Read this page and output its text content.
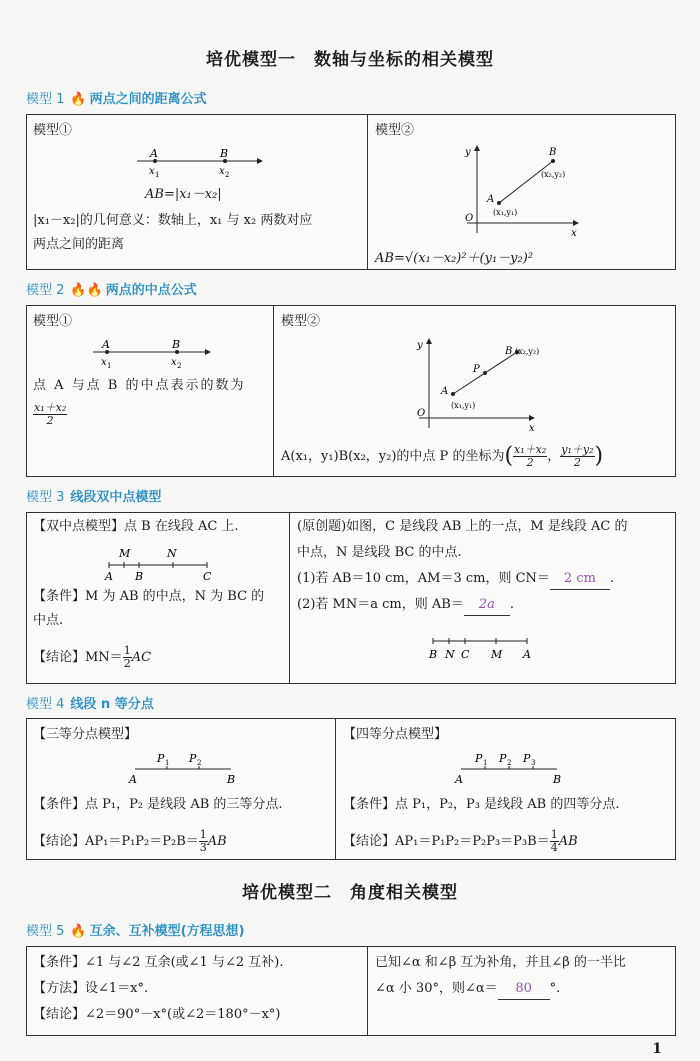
培优模型一　数轴与坐标的相关模型
模型 1 🔥 两点之间的距离公式
模型①
A	B
x 1	x 2
AB=|x₁－x₂|
|x₁－x₂|的几何意义：数轴上，x₁ 与 x₂ 两数对应
两点之间的距离
模型②
y
x
O
A
(x₁,y₁)
B
(x₂,y₂)
AB=√(x₁－x₂)²＋(y₁－y₂)²
模型 2 🔥🔥 两点的中点公式
模型①
A	B
x 1	x 2
点 A 与点 B 的中点表示的数为
$\frac{\text{x₁＋x₂}}{2}$
模型②
y
x
O
A
(x₁,y₁)
P
B (x₂,y₂)
A(x₁，y₁)B(x₂，y₂)的中点 P 的坐标为( $\frac{\text{x₁＋x₂}}{2}$ ， $\frac{\text{y₁＋y₂}}{2}$ )
模型 3 线段双中点模型
【双中点模型】点 B 在线段 AC 上.
M	N
A B	C
【条件】M 为 AB 的中点，N 为 BC 的
中点.
【结论】$MN= \frac{1}{2}$ AC
(原创题)如图，C 是线段 AB 上的一点，M 是线段 AC 的
中点，N 是线段 BC 的中点.
(1)若 AB＝10 cm，AM＝3 cm，则 CN＝ 2 cm .
(2)若 MN＝a cm，则 AB＝ 2a .
B N C M A
模型 4 线段 n 等分点
【三等分点模型】
P 1 P 2
A	B
【条件】点 P₁，P₂ 是线段 AB 的三等分点.
【结论】$AP_1=P_1P_2=P_2B= \frac{1}{3}$ AB
【四等分点模型】
P 1 P 2 P 3
A	B
【条件】点 P₁，P₂，P₃ 是线段 AB 的四等分点.
【结论】$AP_1=P_1P_2=P_2P_3=P_3B= \frac{1}{4}$ AB
培优模型二　角度相关模型
模型 5 🔥 互余、互补模型(方程思想)
【条件】∠1 与∠2 互余(或∠1 与∠2 互补).
【方法】设∠1＝x°.
【结论】∠2＝90°－x°(或∠2＝180°－x°)
已知∠α 和∠β 互为补角，并且∠β 的一半比
∠α 小 30°，则∠α＝ 80 °.
1
